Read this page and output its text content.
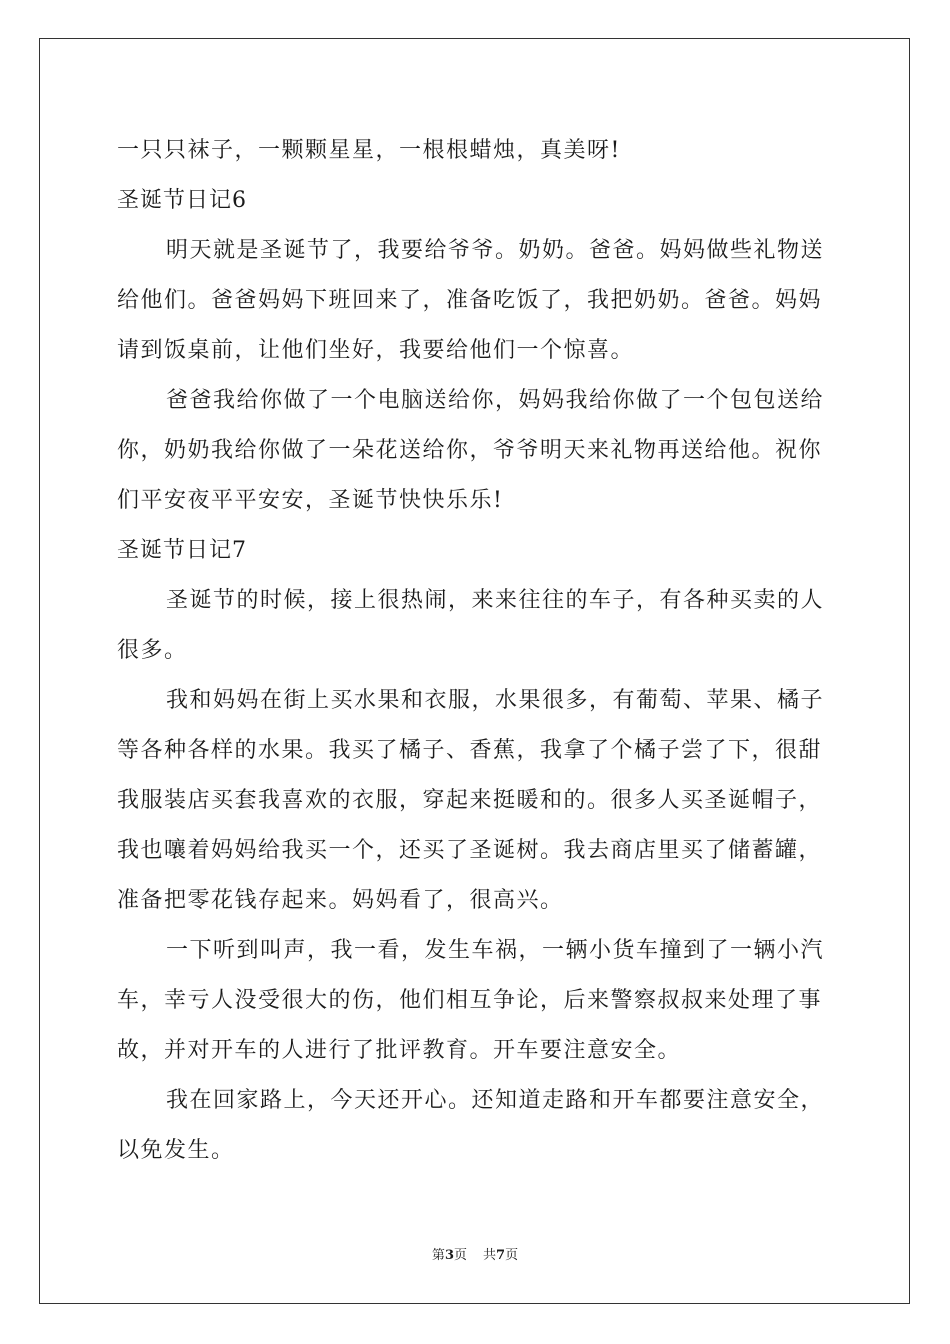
一只只袜子，一颗颗星星，一根根蜡烛，真美呀!
圣诞节日记6
明天就是圣诞节了，我要给爷爷。奶奶。爸爸。妈妈做些礼物送
给他们。爸爸妈妈下班回来了，准备吃饭了，我把奶奶。爸爸。妈妈
请到饭桌前，让他们坐好，我要给他们一个惊喜。
爸爸我给你做了一个电脑送给你，妈妈我给你做了一个包包送给
你，奶奶我给你做了一朵花送给你，爷爷明天来礼物再送给他。祝你
们平安夜平平安安，圣诞节快快乐乐!
圣诞节日记7
圣诞节的时候，接上很热闹，来来往往的车子，有各种买卖的人
很多。
我和妈妈在街上买水果和衣服，水果很多，有葡萄、苹果、橘子
等各种各样的水果。我买了橘子、香蕉，我拿了个橘子尝了下，很甜
我服装店买套我喜欢的衣服，穿起来挺暖和的。很多人买圣诞帽子，
我也嚷着妈妈给我买一个，还买了圣诞树。我去商店里买了储蓄罐，
准备把零花钱存起来。妈妈看了，很高兴。
一下听到叫声，我一看，发生车祸，一辆小货车撞到了一辆小汽
车，幸亏人没受很大的伤，他们相互争论，后来警察叔叔来处理了事
故，并对开车的人进行了批评教育。开车要注意安全。
我在回家路上，今天还开心。还知道走路和开车都要注意安全，
以免发生。
第3页 共7页
